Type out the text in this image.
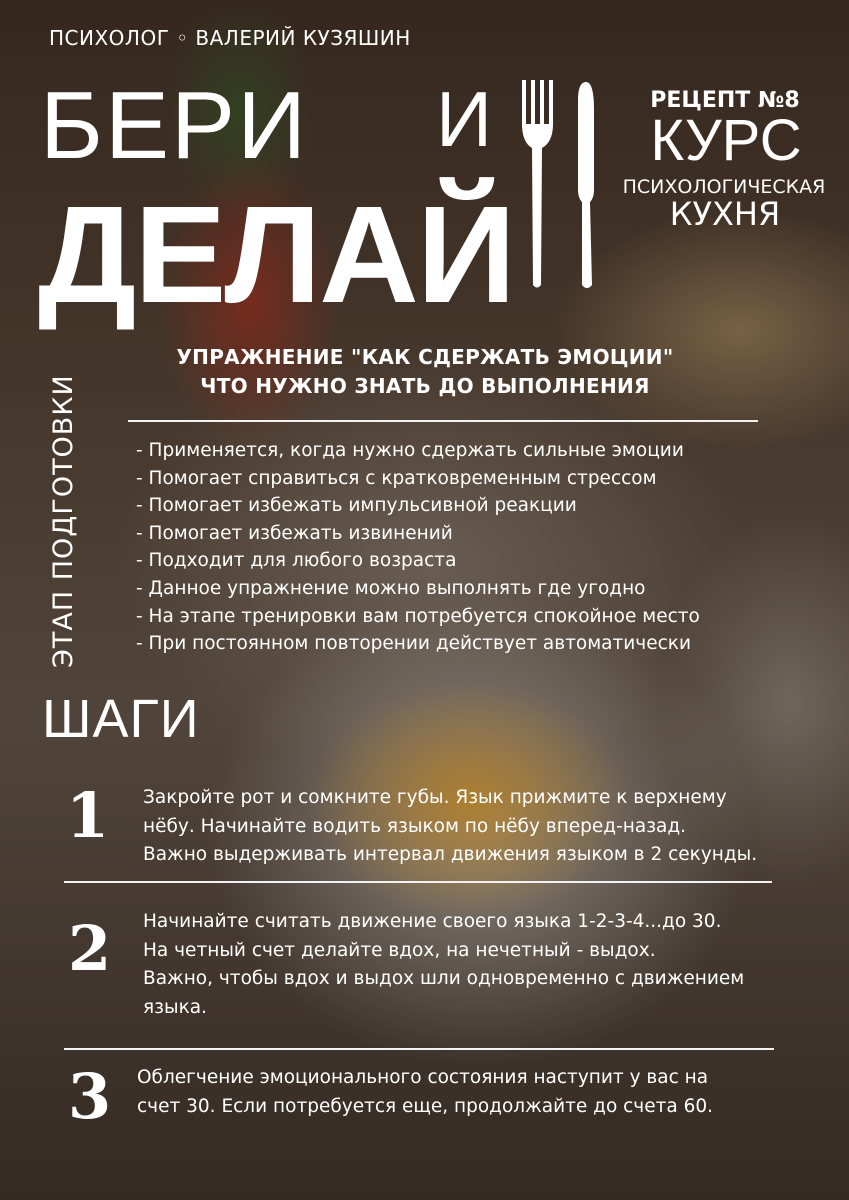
ПСИХОЛОГ ◦ ВАЛЕРИЙ КУЗЯШИН
БЕРИ И
ДЕЛАЙ
РЕЦЕПТ №8
КУРС
ПСИХОЛОГИЧЕСКАЯ
КУХНЯ
ЭТАП ПОДГОТОВКИ
УПРАЖНЕНИЕ "КАК СДЕРЖАТЬ ЭМОЦИИ"
ЧТО НУЖНО ЗНАТЬ ДО ВЫПОЛНЕНИЯ
- Применяется, когда нужно сдержать сильные эмоции
- Помогает справиться с кратковременным стрессом
- Помогает избежать импульсивной реакции
- Помогает избежать извинений
- Подходит для любого возраста
- Данное упражнение можно выполнять где угодно
- На этапе тренировки вам потребуется спокойное место
- При постоянном повторении действует автоматически
ШАГИ
1 Закройте рот и сомкните губы. Язык прижмите к верхнему
нёбу. Начинайте водить языком по нёбу вперед-назад.
Важно выдерживать интервал движения языком в 2 секунды.
2 Начинайте считать движение своего языка 1-2-3-4...до 30.
На четный счет делайте вдох, на нечетный - выдох.
Важно, чтобы вдох и выдох шли одновременно с движением
языка.
3 Облегчение эмоционального состояния наступит у вас на
счет 30. Если потребуется еще, продолжайте до счета 60.
